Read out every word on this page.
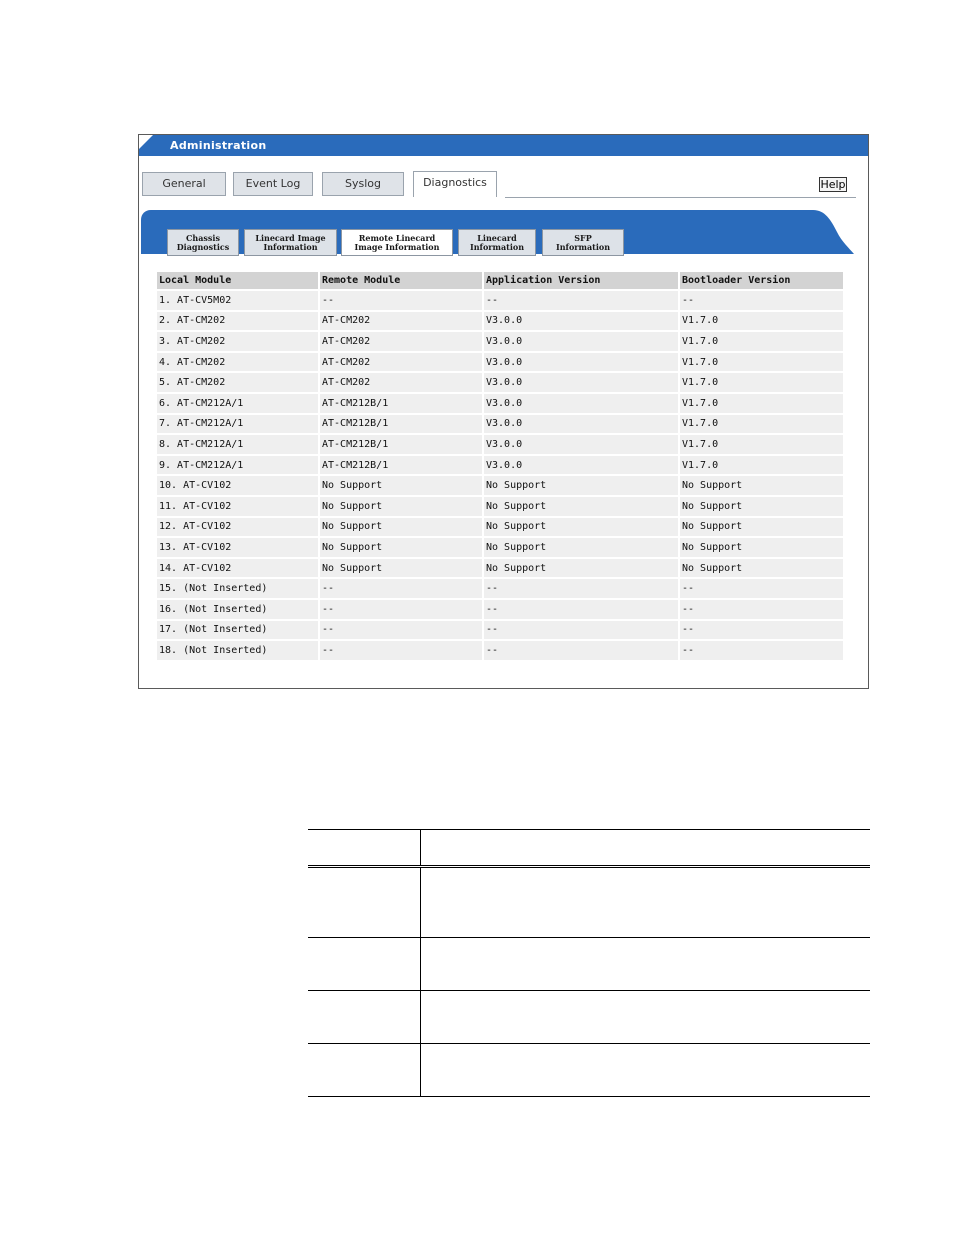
Administration
General	Event Log	Syslog	Diagnostics	Help
Chassis
Diagnostics
Linecard Image
Information
Remote Linecard
Image Information
Linecard
Information
SFP
Information
Local Module	Remote Module	Application Version	Bootloader Version
1. AT-CV5M02	--	--	--
2. AT-CM202	AT-CM202	V3.0.0	V1.7.0
3. AT-CM202	AT-CM202	V3.0.0	V1.7.0
4. AT-CM202	AT-CM202	V3.0.0	V1.7.0
5. AT-CM202	AT-CM202	V3.0.0	V1.7.0
6. AT-CM212A/1	AT-CM212B/1	V3.0.0	V1.7.0
7. AT-CM212A/1	AT-CM212B/1	V3.0.0	V1.7.0
8. AT-CM212A/1	AT-CM212B/1	V3.0.0	V1.7.0
9. AT-CM212A/1	AT-CM212B/1	V3.0.0	V1.7.0
10. AT-CV102	No Support	No Support	No Support
11. AT-CV102	No Support	No Support	No Support
12. AT-CV102	No Support	No Support	No Support
13. AT-CV102	No Support	No Support	No Support
14. AT-CV102	No Support	No Support	No Support
15. (Not Inserted)	--	--	--
16. (Not Inserted)	--	--	--
17. (Not Inserted)	--	--	--
18. (Not Inserted)	--	--	--
